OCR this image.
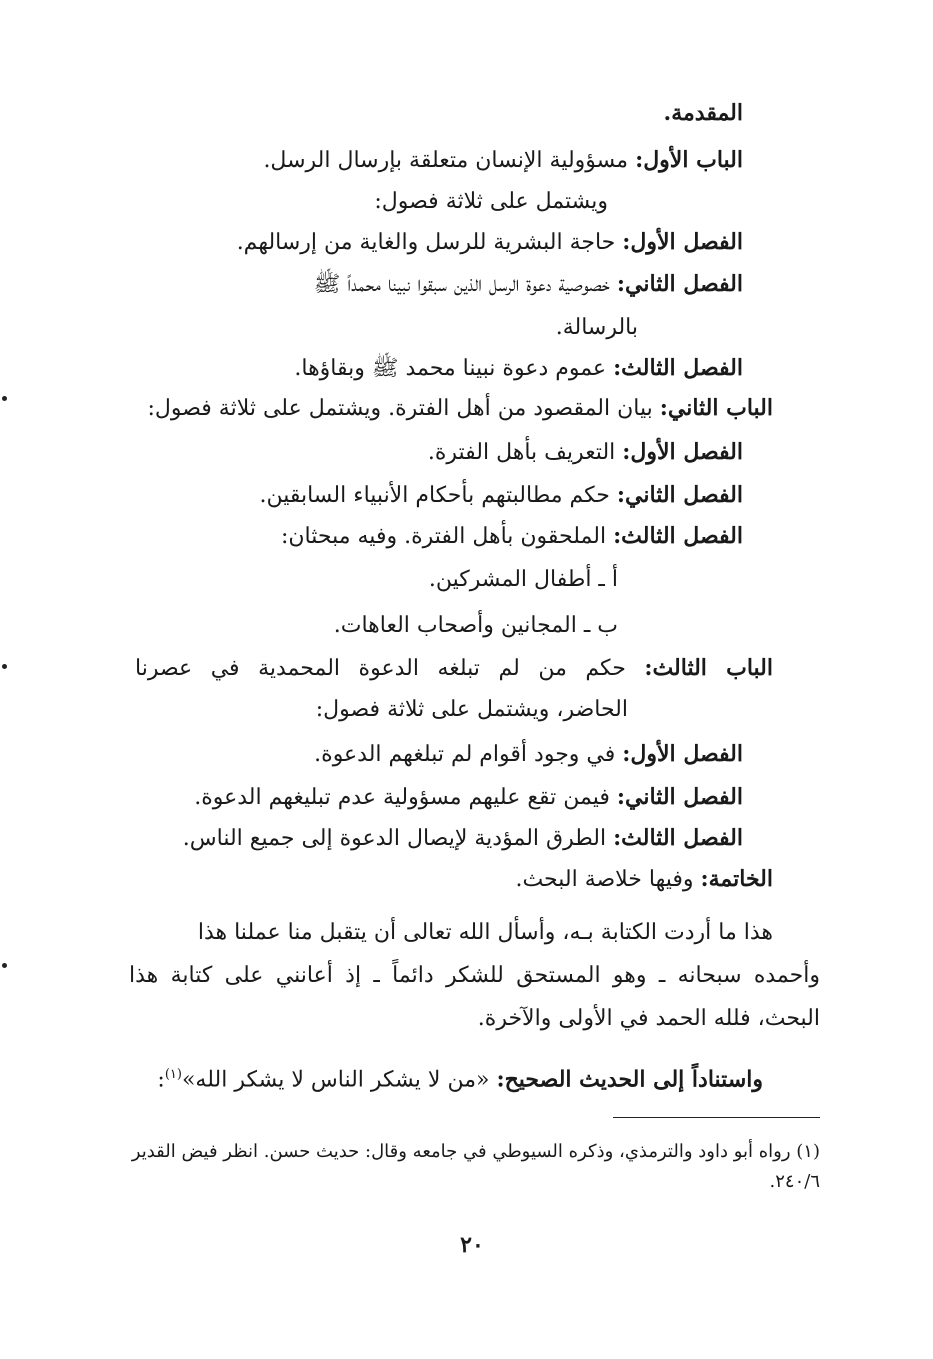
المقدمة.

الباب الأول: مسؤولية الإنسان متعلقة بإرسال الرسل.

ويشتمل على ثلاثة فصول:

الفصل الأول: حاجة البشرية للرسل والغاية من إرسالهم.

الفصل الثاني: خصوصية دعوة الرسل الذين سبقوا نبينا محمداً ﷺ

بالرسالة.

الفصل الثالث: عموم دعوة نبينا محمد ﷺ وبقاؤها.

الباب الثاني: بيان المقصود من أهل الفترة. ويشتمل على ثلاثة فصول:

الفصل الأول: التعريف بأهل الفترة.

الفصل الثاني: حكم مطالبتهم بأحكام الأنبياء السابقين.

الفصل الثالث: الملحقون بأهل الفترة. وفيه مبحثان:

أ ـ أطفال المشركين.

ب ـ المجانين وأصحاب العاهات.

الباب الثالث: حكم من لم تبلغه الدعوة المحمدية في عصرنا

الحاضر، ويشتمل على ثلاثة فصول:

الفصل الأول: في وجود أقوام لم تبلغهم الدعوة.

الفصل الثاني: فيمن تقع عليهم مسؤولية عدم تبليغهم الدعوة.

الفصل الثالث: الطرق المؤدية لإيصال الدعوة إلى جميع الناس.

الخاتمة: وفيها خلاصة البحث.

هذا ما أردت الكتابة بـه، وأسأل الله تعالى أن يتقبل منا عملنا هذا

وأحمده سبحانه ـ وهو المستحق للشكر دائماً ـ إذ أعانني على كتابة هذا

البحث، فلله الحمد في الأولى والآخرة.

واستناداً إلى الحديث الصحيح: «من لا يشكر الناس لا يشكر الله»$^{(١)}$:

(١) رواه أبو داود والترمذي، وذكره السيوطي في جامعه وقال: حديث حسن. انظر فيض القدير

٢٤٠/٦.

٢٠
